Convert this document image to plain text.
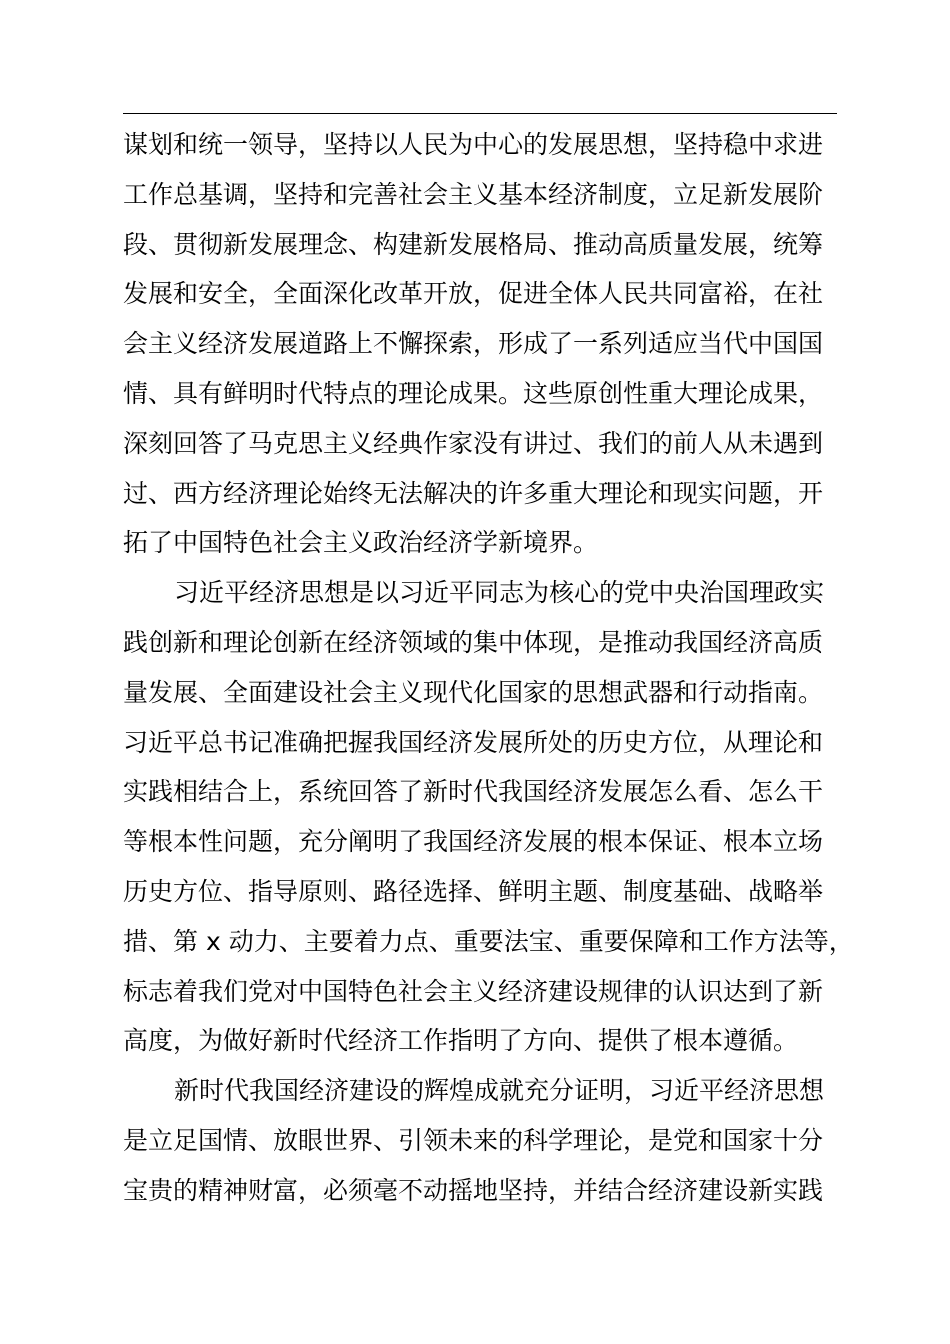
谋划和统一领导，坚持以人民为中心的发展思想，坚持稳中求进
工作总基调，坚持和完善社会主义基本经济制度，立足新发展阶
段、贯彻新发展理念、构建新发展格局、推动高质量发展，统筹
发展和安全，全面深化改革开放，促进全体人民共同富裕，在社
会主义经济发展道路上不懈探索，形成了一系列适应当代中国国
情、具有鲜明时代特点的理论成果。这些原创性重大理论成果，
深刻回答了马克思主义经典作家没有讲过、我们的前人从未遇到
过、西方经济理论始终无法解决的许多重大理论和现实问题，开
拓了中国特色社会主义政治经济学新境界。
习近平经济思想是以习近平同志为核心的党中央治国理政实
践创新和理论创新在经济领域的集中体现，是推动我国经济高质
量发展、全面建设社会主义现代化国家的思想武器和行动指南。
习近平总书记准确把握我国经济发展所处的历史方位，从理论和
实践相结合上，系统回答了新时代我国经济发展怎么看、怎么干
等根本性问题，充分阐明了我国经济发展的根本保证、根本立场
历史方位、指导原则、路径选择、鲜明主题、制度基础、战略举
措、第 x 动力、主要着力点、重要法宝、重要保障和工作方法等，
标志着我们党对中国特色社会主义经济建设规律的认识达到了新
高度，为做好新时代经济工作指明了方向、提供了根本遵循。
新时代我国经济建设的辉煌成就充分证明，习近平经济思想
是立足国情、放眼世界、引领未来的科学理论，是党和国家十分
宝贵的精神财富，必须毫不动摇地坚持，并结合经济建设新实践
